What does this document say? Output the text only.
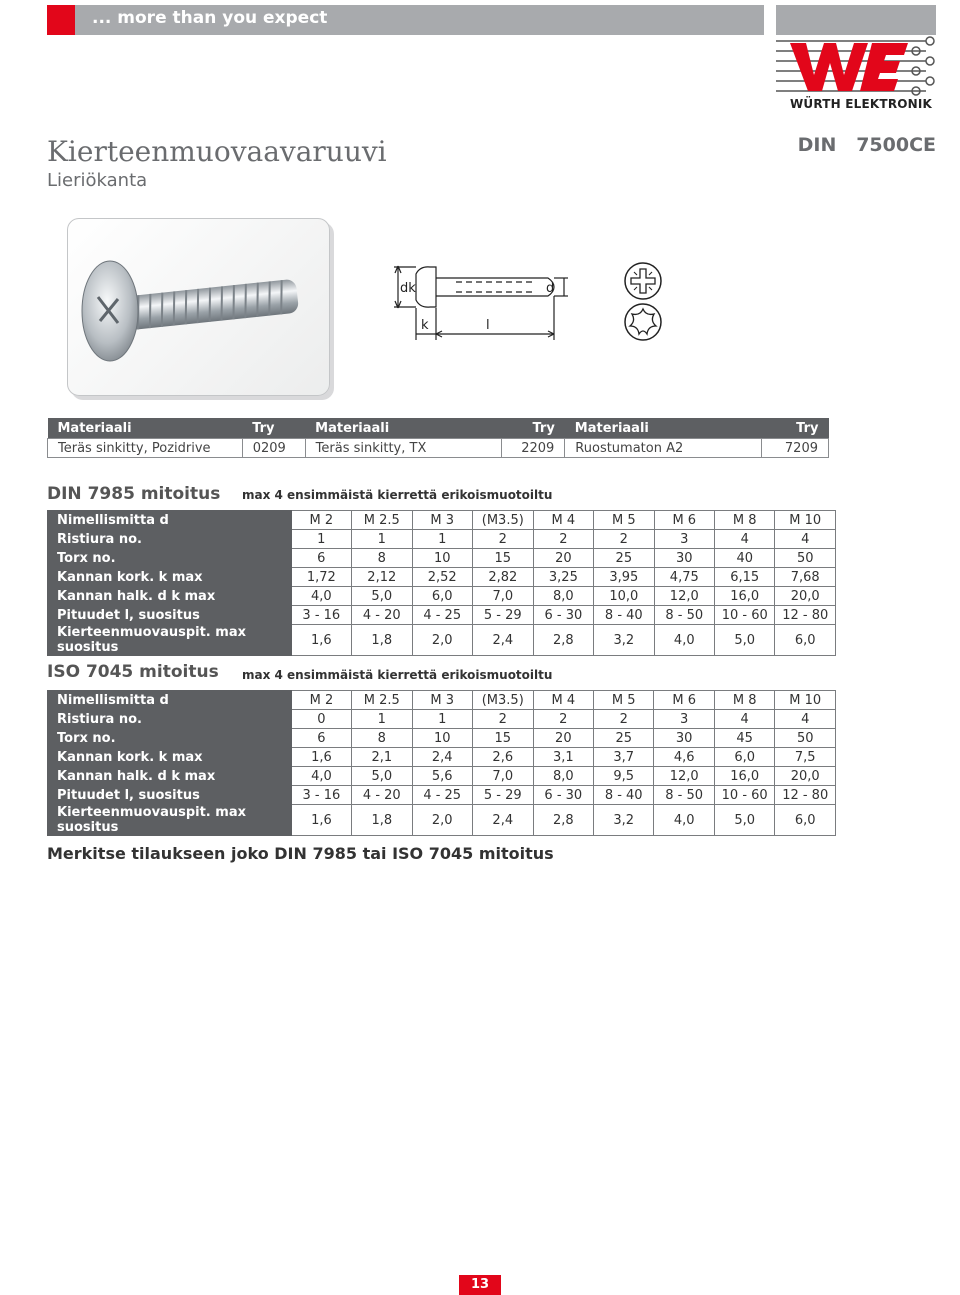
... more than you expect
WÜRTH ELEKTRONIK
Kierteenmuovaavaruuvi
Lieriökanta
DIN   7500CE
dk	d
k	l
Materiaali	Try	Materiaali	Try	Materiaali	Try
Teräs sinkitty, Pozidrive	0209	Teräs sinkitty, TX	2209	Ruostumaton A2	7209
DIN 7985 mitoitus max 4 ensimmäistä kierrettä erikoismuotoiltu
Nimellismitta d	M 2	M 2.5	M 3	(M3.5)	M 4	M 5	M 6	M 8	M 10
Ristiura no.	1	1	1	2	2	2	3	4	4
Torx no.	6	8	10	15	20	25	30	40	50
Kannan kork. k max	1,72	2,12	2,52	2,82	3,25	3,95	4,75	6,15	7,68
Kannan halk. d k max	4,0	5,0	6,0	7,0	8,0	10,0	12,0	16,0	20,0
Pituudet l, suositus	3 - 16	4 - 20	4 - 25	5 - 29	6 - 30	8 - 40	8 - 50	10 - 60	12 - 80
Kierteenmuovauspit. max suositus	1,6	1,8	2,0	2,4	2,8	3,2	4,0	5,0	6,0
ISO 7045 mitoitus max 4 ensimmäistä kierrettä erikoismuotoiltu
Nimellismitta d	M 2	M 2.5	M 3	(M3.5)	M 4	M 5	M 6	M 8	M 10
Ristiura no.	0	1	1	2	2	2	3	4	4
Torx no.	6	8	10	15	20	25	30	45	50
Kannan kork. k max	1,6	2,1	2,4	2,6	3,1	3,7	4,6	6,0	7,5
Kannan halk. d k max	4,0	5,0	5,6	7,0	8,0	9,5	12,0	16,0	20,0
Pituudet l, suositus	3 - 16	4 - 20	4 - 25	5 - 29	6 - 30	8 - 40	8 - 50	10 - 60	12 - 80
Kierteenmuovauspit. max suositus	1,6	1,8	2,0	2,4	2,8	3,2	4,0	5,0	6,0
Merkitse tilaukseen joko DIN 7985 tai ISO 7045 mitoitus
13
